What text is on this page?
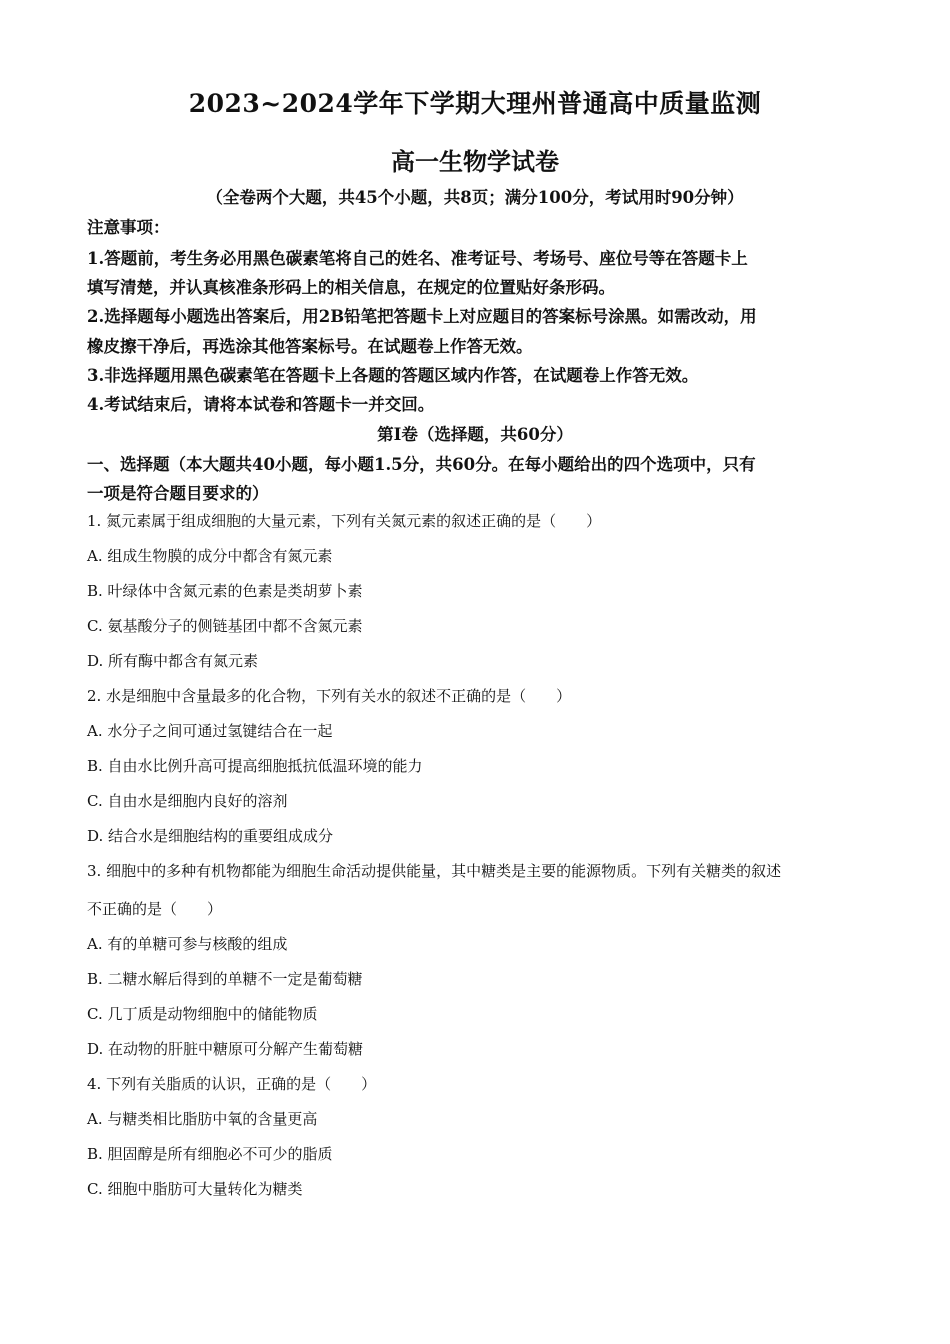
2023~2024学年下学期大理州普通高中质量监测
高一生物学试卷
（全卷两个大题，共45个小题，共8页；满分100分，考试用时90分钟）
注意事项：
1.答题前，考生务必用黑色碳素笔将自己的姓名、准考证号、考场号、座位号等在答题卡上
填写清楚，并认真核准条形码上的相关信息，在规定的位置贴好条形码。
2.选择题每小题选出答案后，用2B铅笔把答题卡上对应题目的答案标号涂黑。如需改动，用
橡皮擦干净后，再选涂其他答案标号。在试题卷上作答无效。
3.非选择题用黑色碳素笔在答题卡上各题的答题区域内作答，在试题卷上作答无效。
4.考试结束后，请将本试卷和答题卡一并交回。
第Ⅰ卷（选择题，共60分）
一、选择题（本大题共40小题，每小题1.5分，共60分。在每小题给出的四个选项中，只有
一项是符合题目要求的）
1. 氮元素属于组成细胞的大量元素，下列有关氮元素的叙述正确的是（　　）
A. 组成生物膜的成分中都含有氮元素
B. 叶绿体中含氮元素的色素是类胡萝卜素
C. 氨基酸分子的侧链基团中都不含氮元素
D. 所有酶中都含有氮元素
2. 水是细胞中含量最多的化合物，下列有关水的叙述不正确的是（　　）
A. 水分子之间可通过氢键结合在一起
B. 自由水比例升高可提高细胞抵抗低温环境的能力
C. 自由水是细胞内良好的溶剂
D. 结合水是细胞结构的重要组成成分
3. 细胞中的多种有机物都能为细胞生命活动提供能量，其中糖类是主要的能源物质。下列有关糖类的叙述
不正确的是（　　）
A. 有的单糖可参与核酸的组成
B. 二糖水解后得到的单糖不一定是葡萄糖
C. 几丁质是动物细胞中的储能物质
D. 在动物的肝脏中糖原可分解产生葡萄糖
4. 下列有关脂质的认识，正确的是（　　）
A. 与糖类相比脂肪中氧的含量更高
B. 胆固醇是所有细胞必不可少的脂质
C. 细胞中脂肪可大量转化为糖类
